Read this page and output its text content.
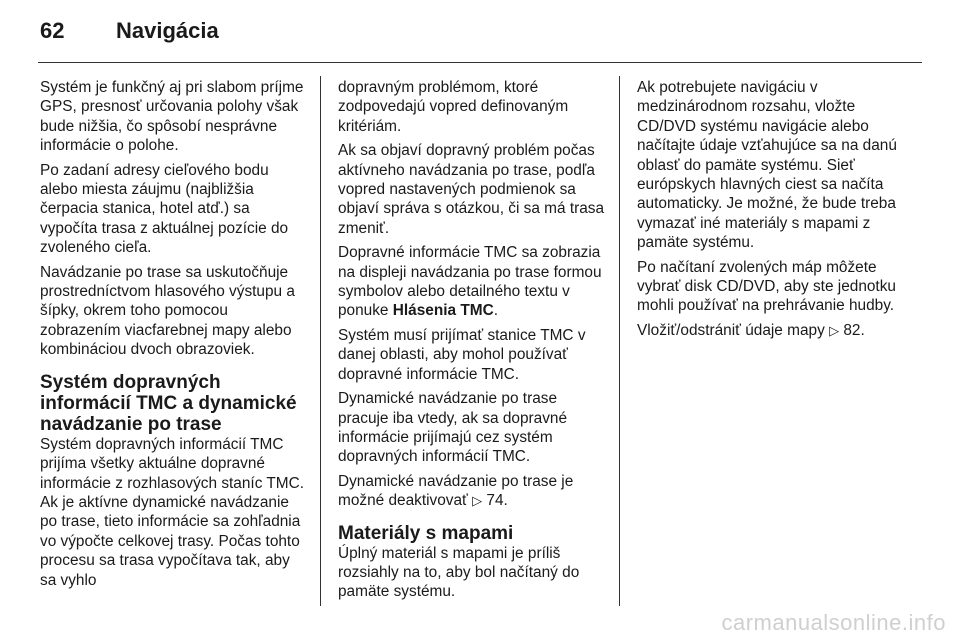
62	Navigácia

Systém je funkčný aj pri slabom príjme GPS, presnosť určovania polohy však bude nižšia, čo spôsobí nesprávne informácie o polohe.

Po zadaní adresy cieľového bodu alebo miesta záujmu (najbližšia čerpacia stanica, hotel atď.) sa vypočíta trasa z aktuálnej pozície do zvoleného cieľa.

Navádzanie po trase sa uskutočňuje prostredníctvom hlasového výstupu a šípky, okrem toho pomocou zobrazením viacfarebnej mapy alebo kombináciou dvoch obrazoviek.

Systém dopravných informácií TMC a dynamické navádzanie po trase

Systém dopravných informácií TMC prijíma všetky aktuálne dopravné informácie z rozhlasových staníc TMC. Ak je aktívne dynamické navádzanie po trase, tieto informácie sa zohľadnia vo výpočte celkovej trasy. Počas tohto procesu sa trasa vypočítava tak, aby sa vyhlo

dopravným problémom, ktoré zodpovedajú vopred definovaným kritériám.

Ak sa objaví dopravný problém počas aktívneho navádzania po trase, podľa vopred nastavených podmienok sa objaví správa s otázkou, či sa má trasa zmeniť.

Dopravné informácie TMC sa zobrazia na displeji navádzania po trase formou symbolov alebo detailného textu v ponuke Hlásenia TMC.

Systém musí prijímať stanice TMC v danej oblasti, aby mohol používať dopravné informácie TMC.

Dynamické navádzanie po trase pracuje iba vtedy, ak sa dopravné informácie prijímajú cez systém dopravných informácií TMC.

Dynamické navádzanie po trase je možné deaktivovať ▷ 74.

Materiály s mapami

Úplný materiál s mapami je príliš rozsiahly na to, aby bol načítaný do pamäte systému.

Ak potrebujete navigáciu v medzinárodnom rozsahu, vložte CD/DVD systému navigácie alebo načítajte údaje vzťahujúce sa na danú oblasť do pamäte systému. Sieť európskych hlavných ciest sa načíta automaticky. Je možné, že bude treba vymazať iné materiály s mapami z pamäte systému.

Po načítaní zvolených máp môžete vybrať disk CD/DVD, aby ste jednotku mohli používať na prehrávanie hudby.

Vložiť/odstrániť údaje mapy ▷ 82.

carmanualsonline.info
